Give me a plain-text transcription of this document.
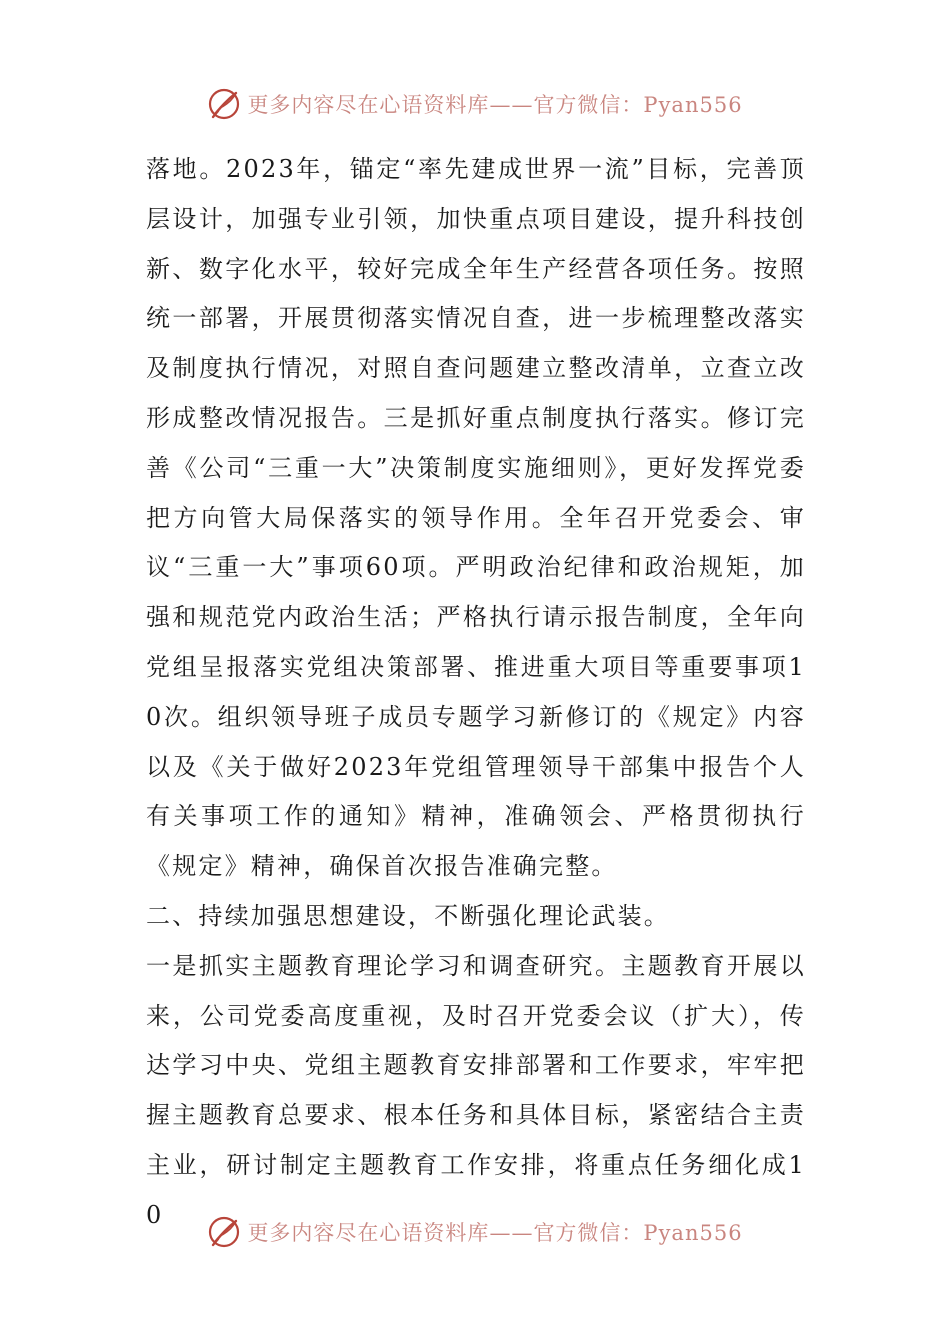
更多内容尽在心语资料库——官方微信：Pyan556

落地。2023年，锚定“率先建成世界一流”目标，完善顶层设计，加强专业引领，加快重点项目建设，提升科技创新、数字化水平，较好完成全年生产经营各项任务。按照统一部署，开展贯彻落实情况自查，进一步梳理整改落实及制度执行情况，对照自查问题建立整改清单，立查立改形成整改情况报告。三是抓好重点制度执行落实。修订完善《公司“三重一大”决策制度实施细则》，更好发挥党委把方向管大局保落实的领导作用。全年召开党委会、审议“三重一大”事项60项。严明政治纪律和政治规矩，加强和规范党内政治生活；严格执行请示报告制度，全年向党组呈报落实党组决策部署、推进重大项目等重要事项10次。组织领导班子成员专题学习新修订的《规定》内容以及《关于做好2023年党组管理领导干部集中报告个人有关事项工作的通知》精神，准确领会、严格贯彻执行《规定》精神，确保首次报告准确完整。

二、持续加强思想建设，不断强化理论武装。

一是抓实主题教育理论学习和调查研究。主题教育开展以来，公司党委高度重视，及时召开党委会议（扩大），传达学习中央、党组主题教育安排部署和工作要求，牢牢把握主题教育总要求、根本任务和具体目标，紧密结合主责主业，研讨制定主题教育工作安排，将重点任务细化成10

更多内容尽在心语资料库——官方微信：Pyan556
